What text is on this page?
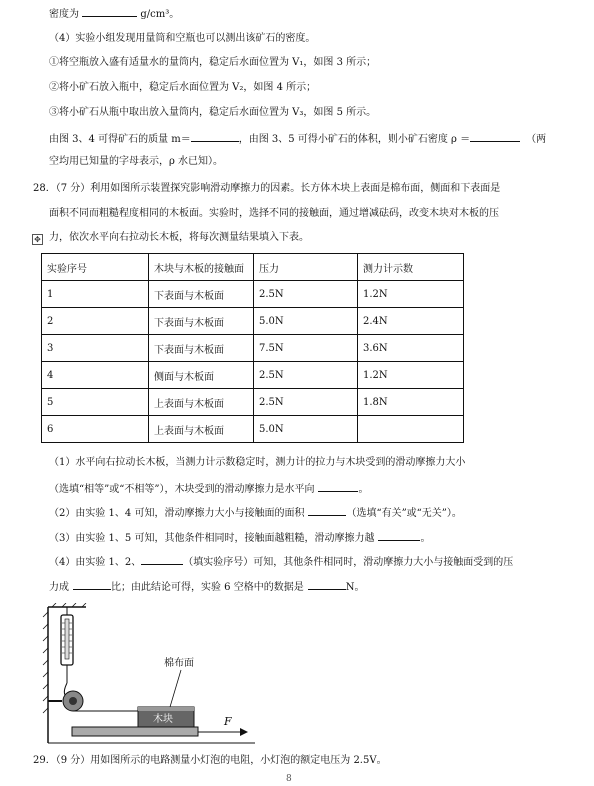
密度为	g/cm³。
（4）实验小组发现用量筒和空瓶也可以测出该矿石的密度。
①将空瓶放入盛有适量水的量筒内，稳定后水面位置为 V₁，如图 3 所示；
②将小矿石放入瓶中，稳定后水面位置为 V₂，如图 4 所示；
③将小矿石从瓶中取出放入量筒内，稳定后水面位置为 V₃，如图 5 所示。
由图 3、4 可得矿石的质量 m＝	，由图 3、5 可得小矿石的体积，则小矿石密度 ρ ＝	（两
空均用已知量的字母表示，ρ 水已知）。
28．（7 分）利用如图所示装置探究影响滑动摩擦力的因素。长方体木块上表面是棉布面，侧面和下表面是
面积不同而粗糙程度相同的木板面。实验时，选择不同的接触面，通过增减砝码，改变木块对木板的压
✥ 力，依次水平向右拉动长木板，将每次测量结果填入下表。
实验序号	木块与木板的接触面	压力	测力计示数
1	下表面与木板面	2.5N	1.2N
2	下表面与木板面	5.0N	2.4N
3	下表面与木板面	7.5N	3.6N
4	侧面与木板面	2.5N	1.2N
5	上表面与木板面	2.5N	1.8N
6	上表面与木板面	5.0N	
（1）水平向右拉动长木板，当测力计示数稳定时，测力计的拉力与木块受到的滑动摩擦力大小
（选填“相等”或“不相等”），木块受到的滑动摩擦力是水平向	。
（2）由实验 1、4 可知，滑动摩擦力大小与接触面的面积	（选填“有关”或“无关”）。
（3）由实验 1、5 可知，其他条件相同时，接触面越粗糙，滑动摩擦力越	。
（4）由实验 1、2、	（填实验序号）可知，其他条件相同时，滑动摩擦力大小与接触面受到的压
力成	比；由此结论可得，实验 6 空格中的数据是	N。
木块
棉布面
F
29．（9 分）用如图所示的电路测量小灯泡的电阻，小灯泡的额定电压为 2.5V。
8
